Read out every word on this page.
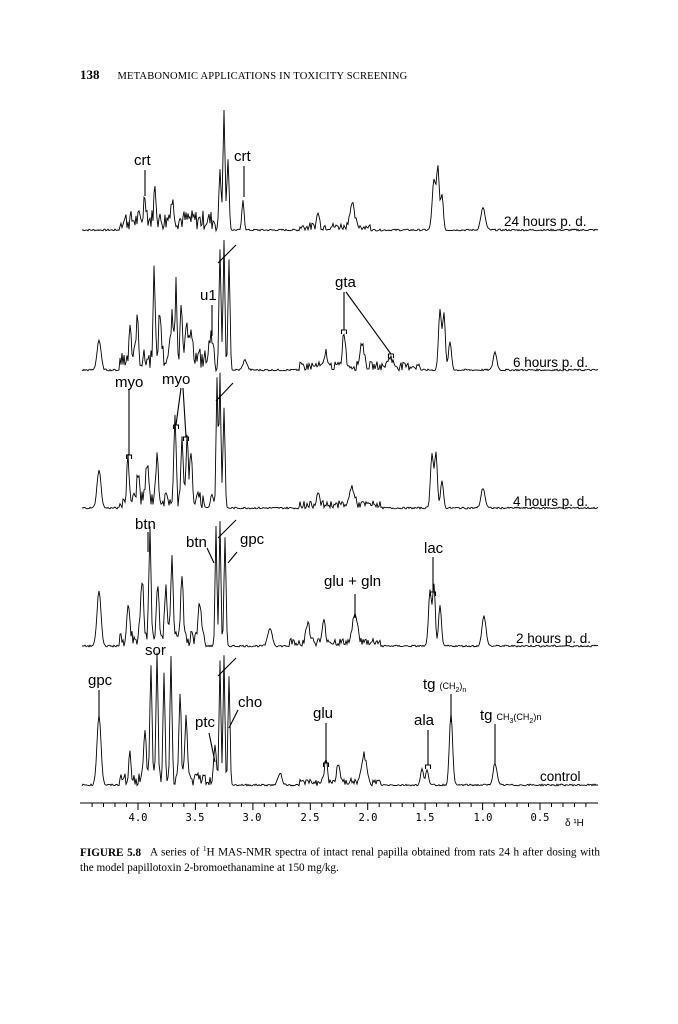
138 METABONOMIC APPLICATIONS IN TOXICITY SCREENING
24 hours p. d.
6 hours p. d.
4 hours p. d.
2 hours p. d.
control
crt	crt
u1
gta
myo myo
btn
btn gpc
glu + gln
lac
sor
gpc
ptc
cho
glu	ala
tg ($CH_2^)_n$
tg $CH_3^{(CH}_2^{)n}$
4.0	3.5	3.0	2.5	2.0	1.5	1.0	0.5 δ ¹H
FIGURE 5.8 A series of $^1$H MAS-NMR spectra of intact renal papilla obtained from rats 24 h after dosing with the model papillotoxin 2-bromoethanamine at 150 mg/kg.
